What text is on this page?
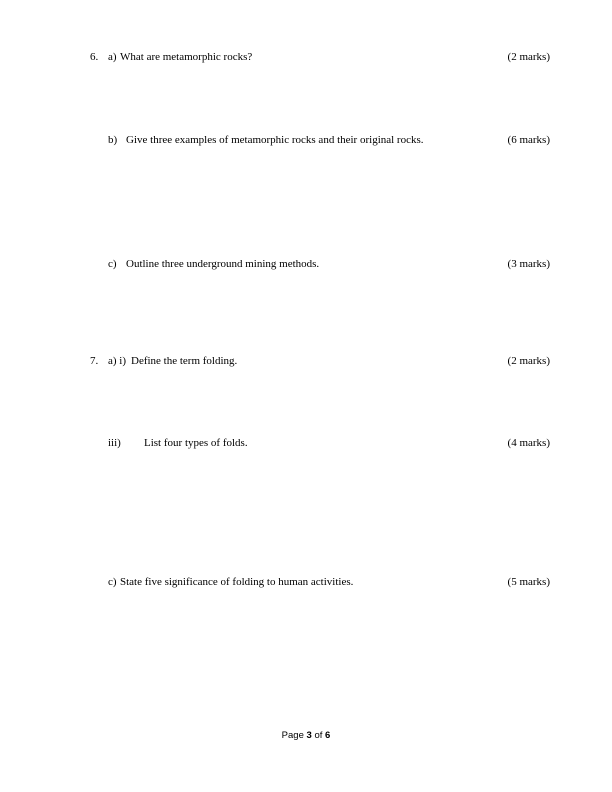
6. a) What are metamorphic rocks?	(2 marks)
b) Give three examples of metamorphic rocks and their original rocks.	(6 marks)
c) Outline three underground mining methods.	(3 marks)
7. a) i) Define the term folding.	(2 marks)
iii) List four types of folds.	(4 marks)
c) State five significance of folding to human activities.	(5 marks)
Page 3 of 6
